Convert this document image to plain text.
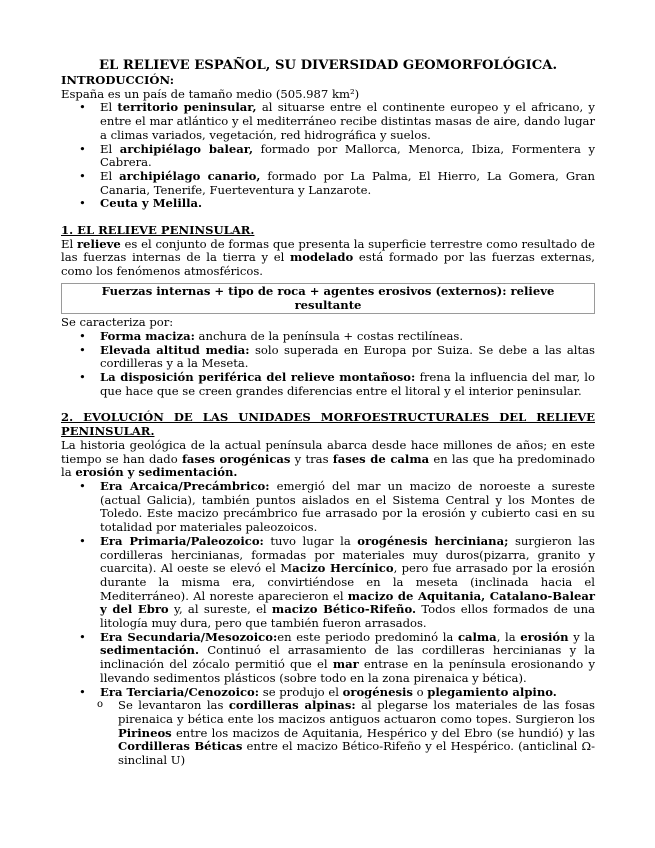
EL RELIEVE ESPAÑOL, SU DIVERSIDAD GEOMORFOLÓGICA.
INTRODUCCIÓN:

España es un país de tamaño medio (505.987 km²)

• El territorio peninsular, al situarse entre el continente europeo y el africano, y entre el mar atlántico y el mediterráneo recibe distintas masas de aire, dando lugar a climas variados, vegetación, red hidrográfica y suelos.
• El archipiélago balear, formado por Mallorca, Menorca, Ibiza, Formentera y Cabrera.
• El archipiélago canario, formado por La Palma, El Hierro, La Gomera, Gran Canaria, Tenerife, Fuerteventura y Lanzarote.
• Ceuta y Melilla.
1. EL RELIEVE PENINSULAR.

El relieve es el conjunto de formas que presenta la superficie terrestre como resultado de las fuerzas internas de la tierra y el modelado está formado por las fuerzas externas, como los fenómenos atmosféricos.

Fuerzas internas + tipo de roca + agentes erosivos (externos): relieve resultante

Se caracteriza por:

• Forma maciza: anchura de la península + costas rectilíneas.
• Elevada altitud media: solo superada en Europa por Suiza. Se debe a las altas cordilleras y a la Meseta.
• La disposición periférica del relieve montañoso: frena la influencia del mar, lo que hace que se creen grandes diferencias entre el litoral y el interior peninsular.
2. EVOLUCIÓN DE LAS UNIDADES MORFOESTRUCTURALES DEL RELIEVE PENINSULAR.

La historia geológica de la actual península abarca desde hace millones de años; en este tiempo se han dado fases orogénicas y tras fases de calma en las que ha predominado la erosión y sedimentación.

• Era Arcaica/Precámbrico: emergió del mar un macizo de noroeste a sureste (actual Galicia), también puntos aislados en el Sistema Central y los Montes de Toledo. Este macizo precámbrico fue arrasado por la erosión y cubierto casi en su totalidad por materiales paleozoicos.
• Era Primaria/Paleozoico: tuvo lugar la orogénesis herciniana; surgieron las cordilleras hercinianas, formadas por materiales muy duros(pizarra, granito y cuarcita). Al oeste se elevó el Macizo Hercínico, pero fue arrasado por la erosión durante la misma era, convirtiéndose en la meseta (inclinada hacia el Mediterráneo). Al noreste aparecieron el macizo de Aquitania, Catalano-Balear y del Ebro y, al sureste, el macizo Bético-Rifeño. Todos ellos formados de una litología muy dura, pero que también fueron arrasados.
• Era Secundaria/Mesozoico:en este periodo predominó la calma, la erosión y la sedimentación. Continuó el arrasamiento de las cordilleras hercinianas y la inclinación del zócalo permitió que el mar entrase en la península erosionando y llevando sedimentos plásticos (sobre todo en la zona pirenaica y bética).
• Era Terciaria/Cenozoico: se produjo el orogénesis o plegamiento alpino.
o Se levantaron las cordilleras alpinas: al plegarse los materiales de las fosas pirenaica y bética ente los macizos antiguos actuaron como topes. Surgieron los Pirineos entre los macizos de Aquitania, Hespérico y del Ebro (se hundió) y las Cordilleras Béticas entre el macizo Bético-Rifeño y el Hespérico. (anticlinal Ω- sinclinal U)
